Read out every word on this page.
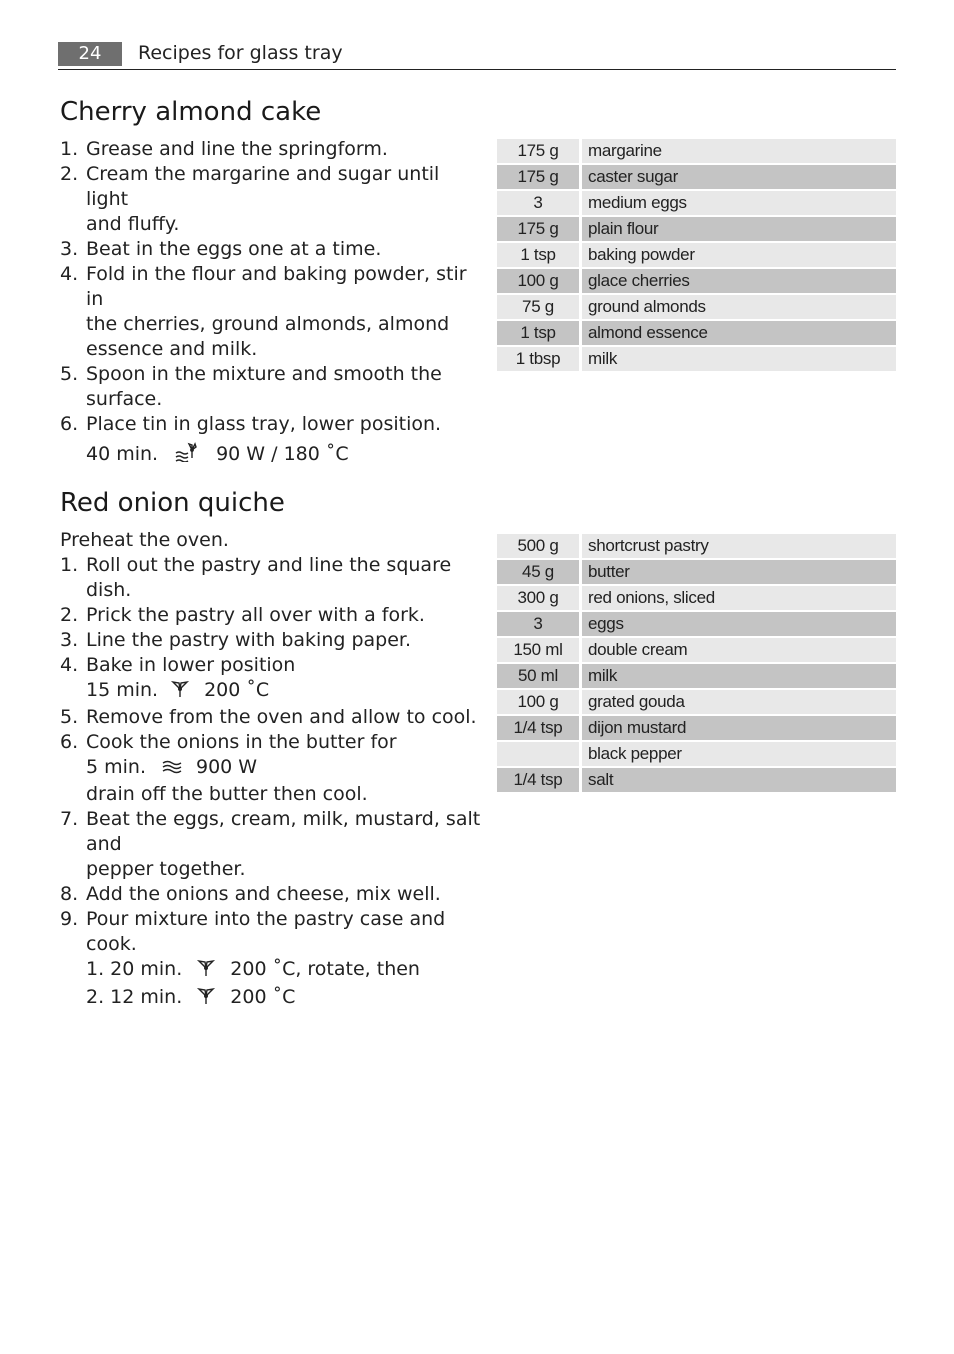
24	Recipes for glass tray
Cherry almond cake
1. Grease and line the springform.
2. Cream the margarine and sugar until light
and fluffy.
3. Beat in the eggs one at a time.
4. Fold in the flour and baking powder, stir in
the cherries, ground almonds, almond
essence and milk.
5. Spoon in the mixture and smooth the
surface.
6. Place tin in glass tray, lower position.
40 min.	90 W / 180 ˚C
175 g		margarine
175 g		caster sugar
3		medium eggs
175 g		plain flour
1 tsp		baking powder
100 g		glace cherries
75 g		ground almonds
1 tsp		almond essence
1 tbsp		milk
Red onion quiche
Preheat the oven.
1. Roll out the pastry and line the square dish.
2. Prick the pastry all over with a fork.
3. Line the pastry with baking paper.
4. Bake in lower position
15 min. 200 ˚C
5. Remove from the oven and allow to cool.
6. Cook the onions in the butter for
5 min.	900 W
drain off the butter then cool.
7. Beat the eggs, cream, milk, mustard, salt and
pepper together.
8. Add the onions and cheese, mix well.
9. Pour mixture into the pastry case and cook.
1. 20 min.	200 ˚C, rotate, then
2. 12 min.	200 ˚C
500 g		shortcrust pastry
45 g		butter
300 g		red onions, sliced
3		eggs
150 ml		double cream
50 ml		milk
100 g		grated gouda
1/4 tsp		dijon mustard
		black pepper
1/4 tsp		salt
